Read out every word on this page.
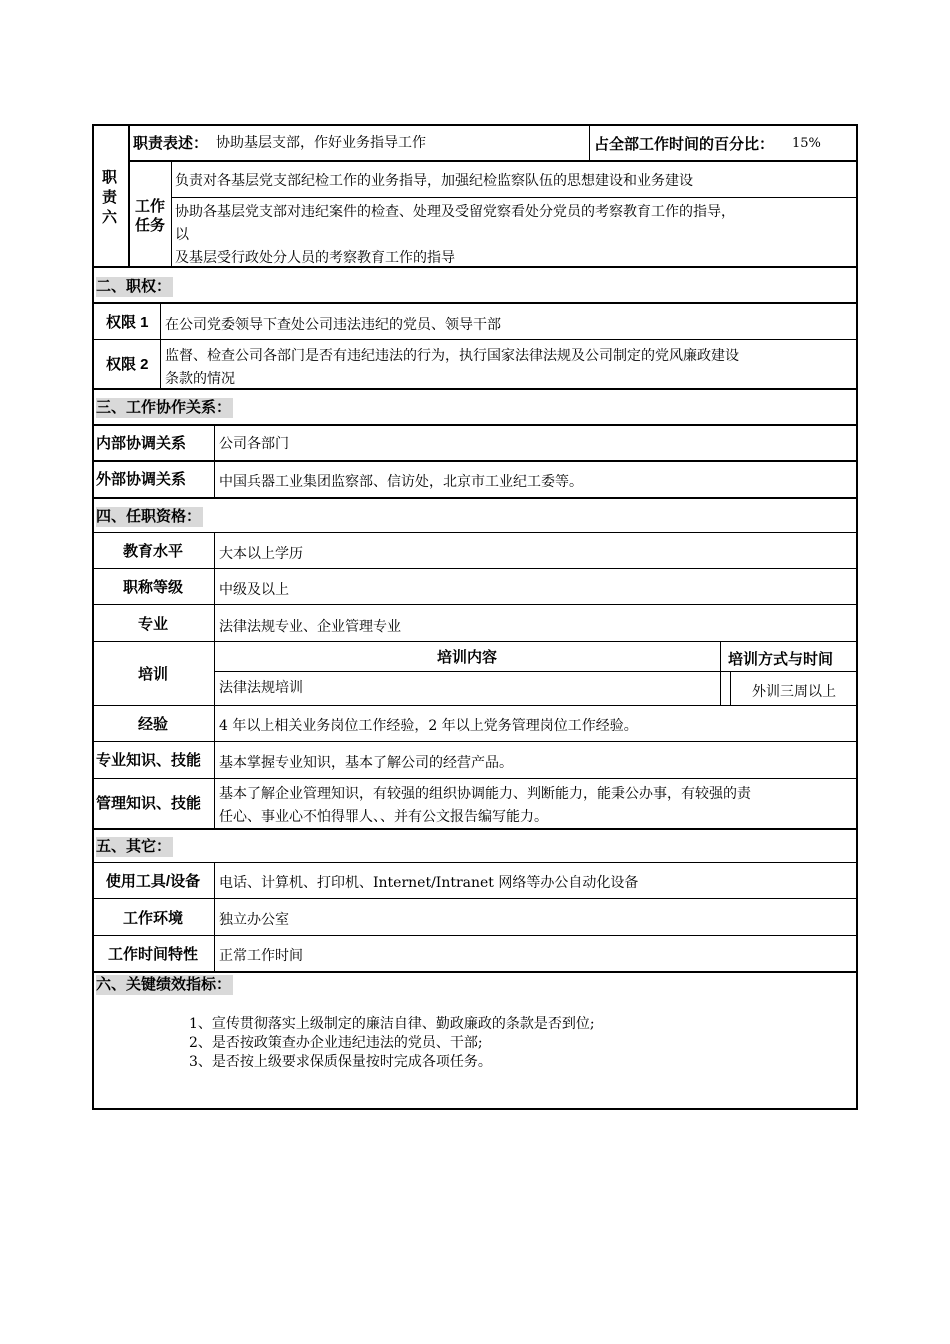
职
责
六
职责表述： 协助基层支部，作好业务指导工作	占全部工作时间的百分比： 15%
工作
任务
负责对各基层党支部纪检工作的业务指导，加强纪检监察队伍的思想建设和业务建设
协助各基层党支部对违纪案件的检查、处理及受留党察看处分党员的考察教育工作的指导，
以
及基层受行政处分人员的考察教育工作的指导
二、职权：
权限 1 在公司党委领导下查处公司违法违纪的党员、领导干部
权限 2 监督、检查公司各部门是否有违纪违法的行为，执行国家法律法规及公司制定的党风廉政建设
条款的情况
三、工作协作关系：
内部协调关系 公司各部门
外部协调关系 中国兵器工业集团监察部、信访处，北京市工业纪工委等。
四、任职资格：
教育水平	大本以上学历
职称等级	中级及以上
专业	法律法规专业、企业管理专业
培训
培训内容	培训方式与时间
法律法规培训	外训三周以上
经验	4 年以上相关业务岗位工作经验，2 年以上党务管理岗位工作经验。
专业知识、技能 基本掌握专业知识，基本了解公司的经营产品。
管理知识、技能
基本了解企业管理知识，有较强的组织协调能力、判断能力，能秉公办事，有较强的责
任心、事业心不怕得罪人、、并有公文报告编写能力。
五、其它：
使用工具/设备	电话、计算机、打印机、Internet/Intranet 网络等办公自动化设备
工作环境	独立办公室
工作时间特性	正常工作时间
六、关键绩效指标：
1、宣传贯彻落实上级制定的廉洁自律、勤政廉政的条款是否到位;
2、是否按政策查办企业违纪违法的党员、干部;
3、是否按上级要求保质保量按时完成各项任务。
